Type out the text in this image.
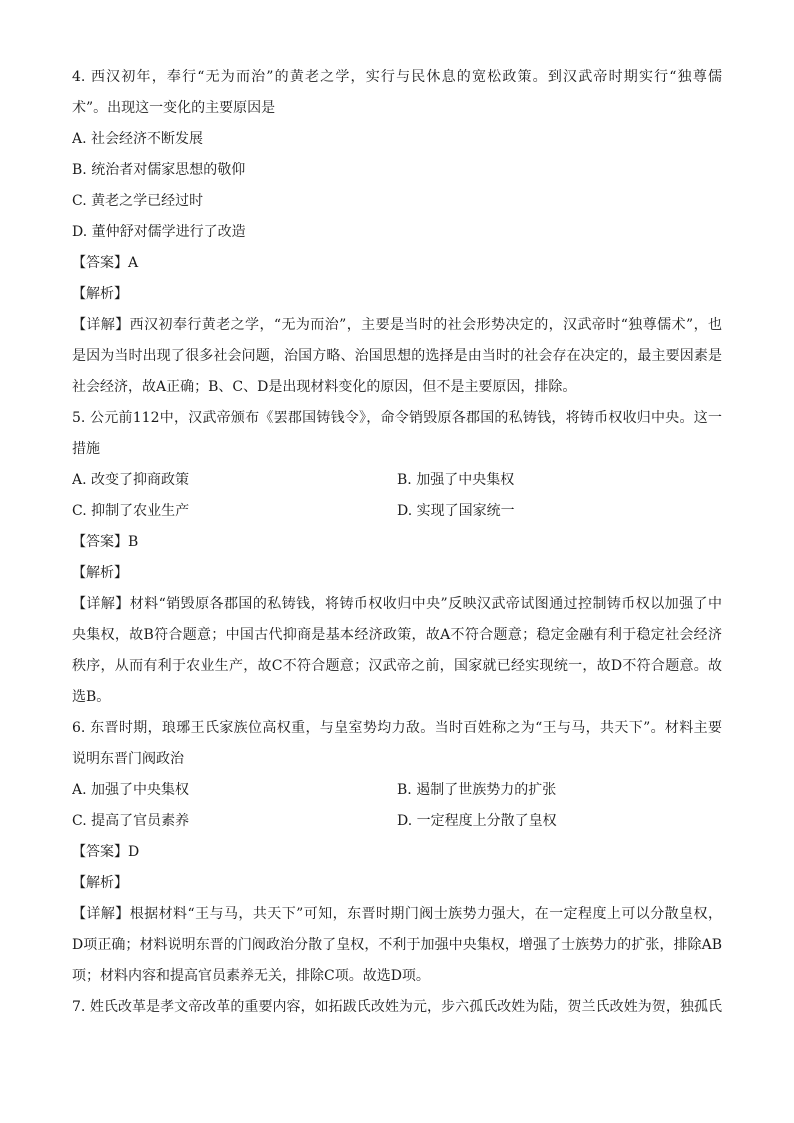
4. 西汉初年，奉行“无为而治”的黄老之学，实行与民休息的宽松政策。到汉武帝时期实行“独尊儒
术”。出现这一变化的主要原因是
A. 社会经济不断发展
B. 统治者对儒家思想的敬仰
C. 黄老之学已经过时
D. 董仲舒对儒学进行了改造
【答案】A
【解析】
【详解】西汉初奉行黄老之学，“无为而治”，主要是当时的社会形势决定的，汉武帝时“独尊儒术”，也
是因为当时出现了很多社会问题，治国方略、治国思想的选择是由当时的社会存在决定的，最主要因素是
社会经济，故A正确；B、C、D是出现材料变化的原因，但不是主要原因，排除。
5. 公元前112中，汉武帝颁布《罢郡国铸钱令》，命令销毁原各郡国的私铸钱，将铸币权收归中央。这一
措施
A. 改变了抑商政策	B. 加强了中央集权
C. 抑制了农业生产	D. 实现了国家统一
【答案】B
【解析】
【详解】材料“销毁原各郡国的私铸钱，将铸币权收归中央”反映汉武帝试图通过控制铸币权以加强了中
央集权，故B符合题意；中国古代抑商是基本经济政策，故A不符合题意；稳定金融有利于稳定社会经济
秩序，从而有利于农业生产，故C不符合题意；汉武帝之前，国家就已经实现统一，故D不符合题意。故
选B。
6. 东晋时期，琅琊王氏家族位高权重，与皇室势均力敌。当时百姓称之为“王与马，共天下”。材料主要
说明东晋门阀政治
A. 加强了中央集权	B. 遏制了世族势力的扩张
C. 提高了官员素养	D. 一定程度上分散了皇权
【答案】D
【解析】
【详解】根据材料“王与马，共天下”可知，东晋时期门阀士族势力强大，在一定程度上可以分散皇权，
D项正确；材料说明东晋的门阀政治分散了皇权，不利于加强中央集权，增强了士族势力的扩张，排除AB
项；材料内容和提高官员素养无关，排除C项。故选D项。
7. 姓氏改革是孝文帝改革的重要内容，如拓跋氏改姓为元，步六孤氏改姓为陆，贺兰氏改姓为贺，独孤氏
